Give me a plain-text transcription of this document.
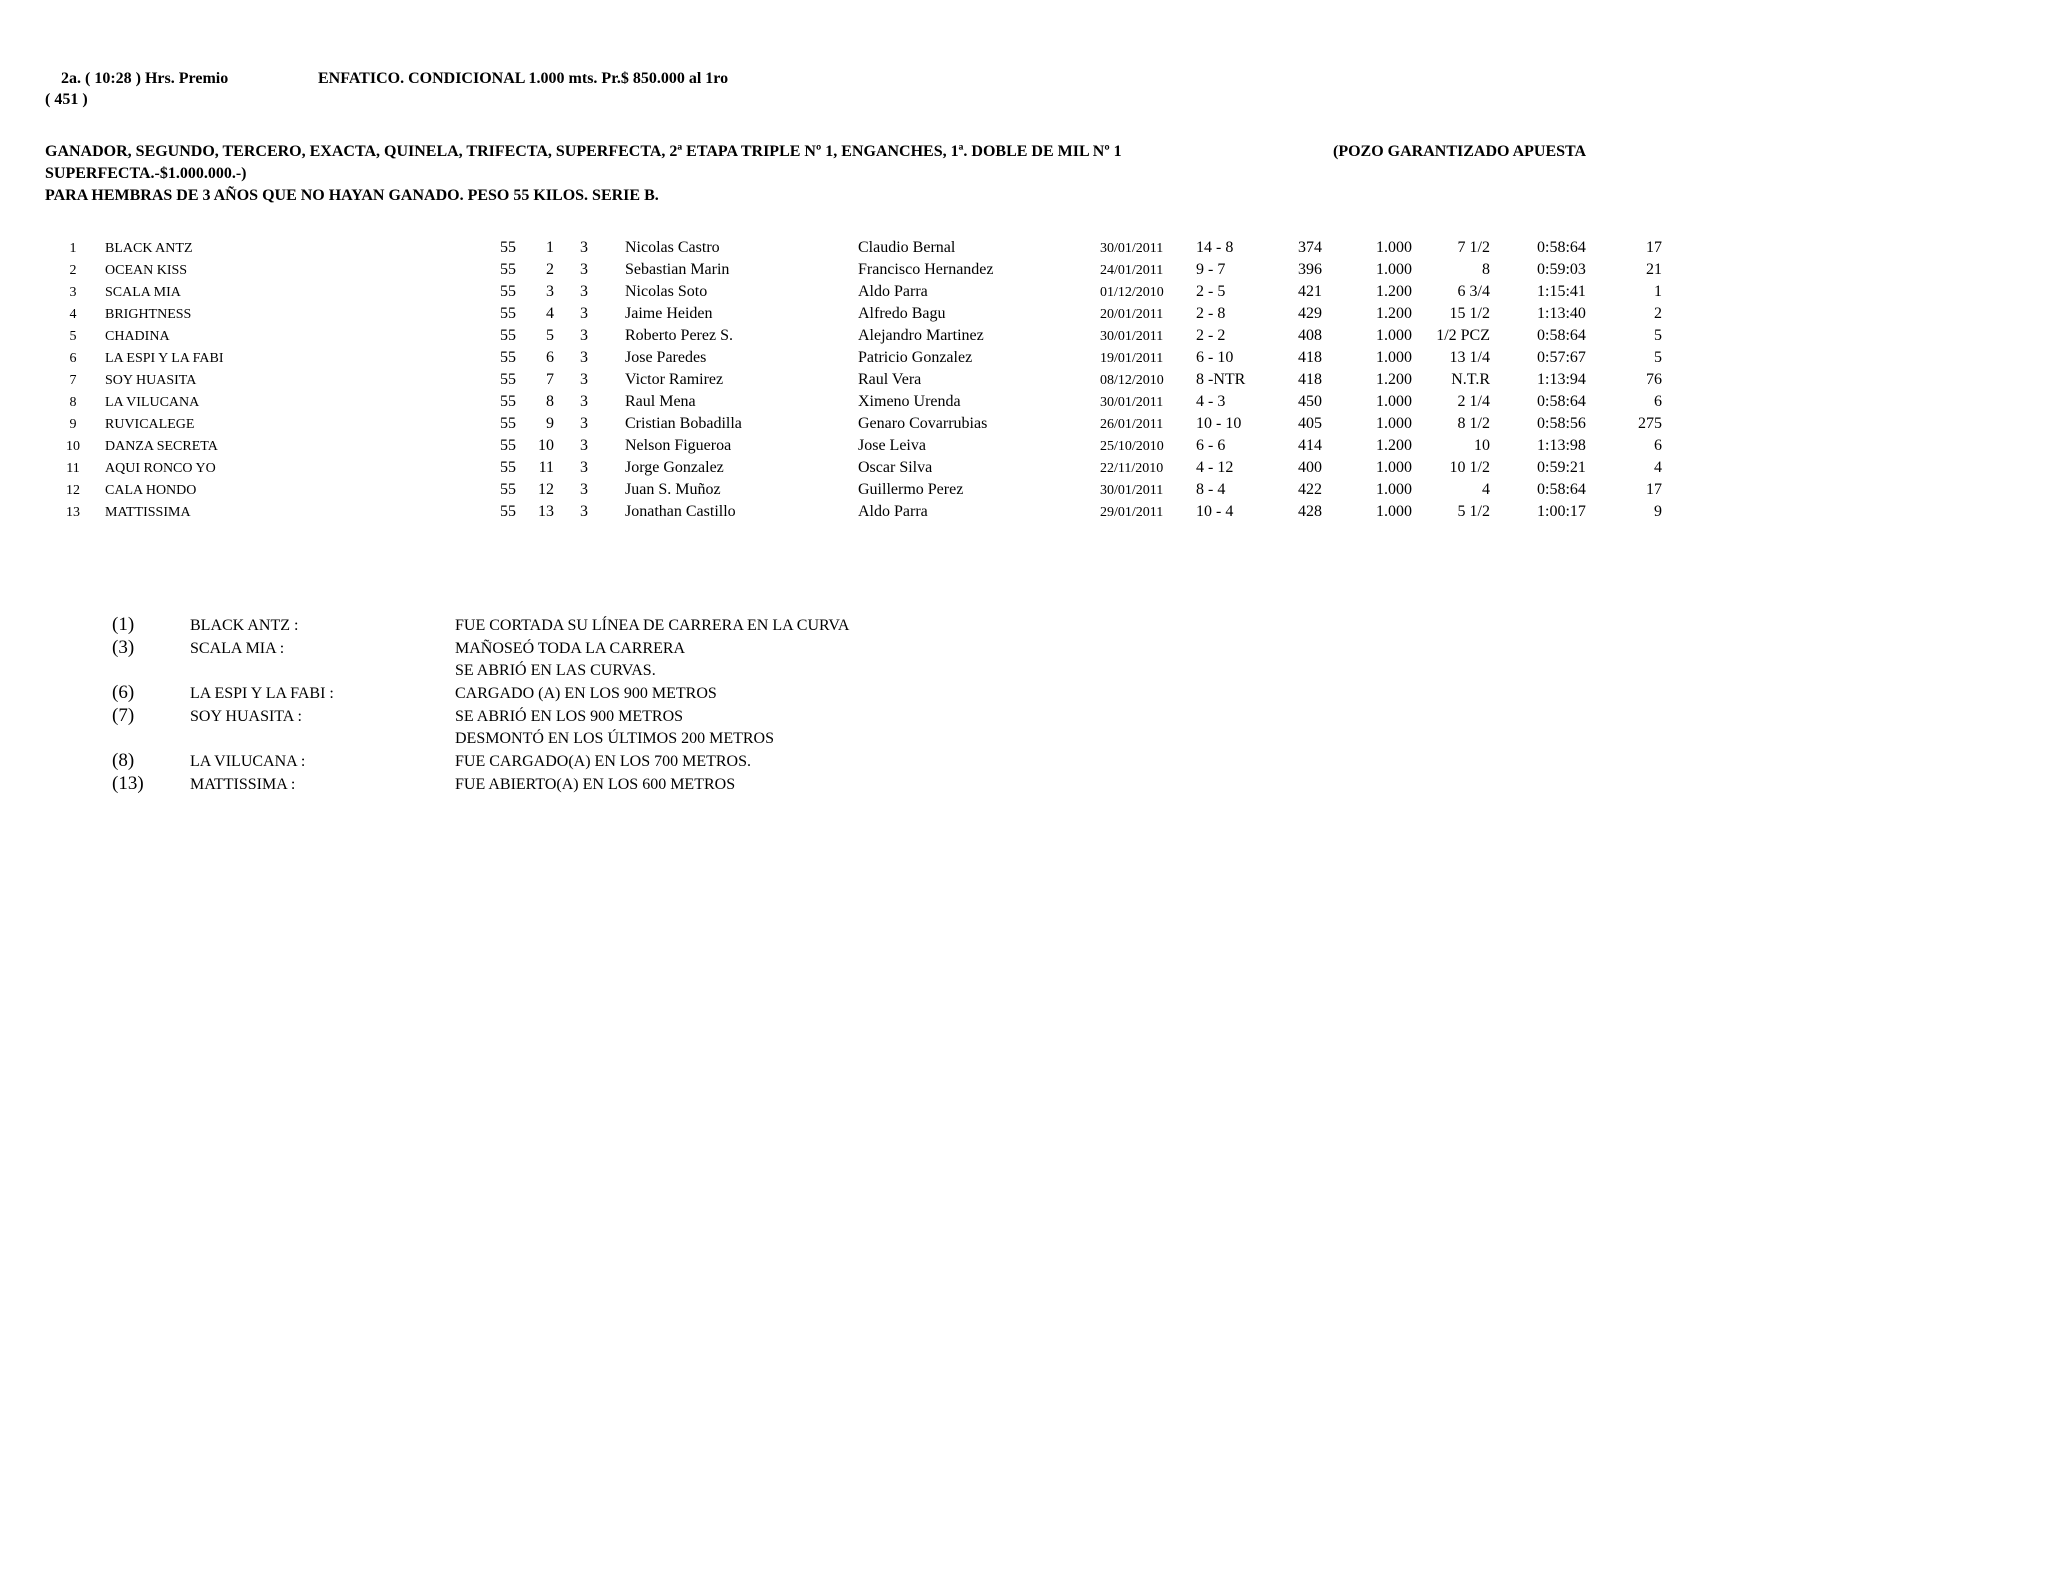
2a. ( 10:28 ) Hrs. Premio	ENFATICO. CONDICIONAL 1.000 mts. Pr.$ 850.000 al 1ro
( 451 )
GANADOR, SEGUNDO, TERCERO, EXACTA, QUINELA, TRIFECTA, SUPERFECTA, 2ª ETAPA TRIPLE Nº 1, ENGANCHES, 1ª. DOBLE DE MIL Nº 1	(POZO GARANTIZADO APUESTA
SUPERFECTA.-$1.000.000.-)
PARA HEMBRAS DE 3 AÑOS QUE NO HAYAN GANADO. PESO 55 KILOS. SERIE B.
1	BLACK ANTZ	55	1	3 Nicolas Castro	Claudio Bernal	30/01/2011	14 - 8	374	1.000	7 1/2	0:58:64	17
2	OCEAN KISS	55	2	3 Sebastian Marin	Francisco Hernandez	24/01/2011	9 - 7	396	1.000	8	0:59:03	21
3	SCALA MIA	55	3	3 Nicolas Soto	Aldo Parra	01/12/2010	2 - 5	421	1.200	6 3/4	1:15:41	1
4	BRIGHTNESS	55	4	3 Jaime Heiden	Alfredo Bagu	20/01/2011	2 - 8	429	1.200	15 1/2	1:13:40	2
5	CHADINA	55	5	3 Roberto Perez S.	Alejandro Martinez	30/01/2011	2 - 2	408	1.000	1/2 PCZ	0:58:64	5
6	LA ESPI Y LA FABI	55	6	3 Jose Paredes	Patricio Gonzalez	19/01/2011	6 - 10	418	1.000	13 1/4	0:57:67	5
7	SOY HUASITA	55	7	3 Victor Ramirez	Raul Vera	08/12/2010	8 -NTR	418	1.200	N.T.R	1:13:94	76
8	LA VILUCANA	55	8	3 Raul Mena	Ximeno Urenda	30/01/2011	4 - 3	450	1.000	2 1/4	0:58:64	6
9	RUVICALEGE	55	9	3 Cristian Bobadilla	Genaro Covarrubias	26/01/2011	10 - 10	405	1.000	8 1/2	0:58:56	275
10	DANZA SECRETA	55	10	3 Nelson Figueroa	Jose Leiva	25/10/2010	6 - 6	414	1.200	10	1:13:98	6
11	AQUI RONCO YO	55	11	3 Jorge Gonzalez	Oscar Silva	22/11/2010	4 - 12	400	1.000	10 1/2	0:59:21	4
12	CALA HONDO	55	12	3 Juan S. Muñoz	Guillermo Perez	30/01/2011	8 - 4	422	1.000	4	0:58:64	17
13	MATTISSIMA	55	13	3 Jonathan Castillo	Aldo Parra	29/01/2011	10 - 4	428	1.000	5 1/2	1:00:17	9
(1)	BLACK ANTZ :	FUE CORTADA SU LÍNEA DE CARRERA EN LA CURVA
(3)	SCALA MIA :	MAÑOSEÓ TODA LA CARRERA
SE ABRIÓ EN LAS CURVAS.
(6)	LA ESPI Y LA FABI :	CARGADO (A) EN LOS 900 METROS
(7)	SOY HUASITA :	SE ABRIÓ EN LOS 900 METROS
DESMONTÓ EN LOS ÚLTIMOS 200 METROS
(8)	LA VILUCANA :	FUE CARGADO(A) EN LOS 700 METROS.
(13)	MATTISSIMA :	FUE ABIERTO(A) EN LOS 600 METROS
